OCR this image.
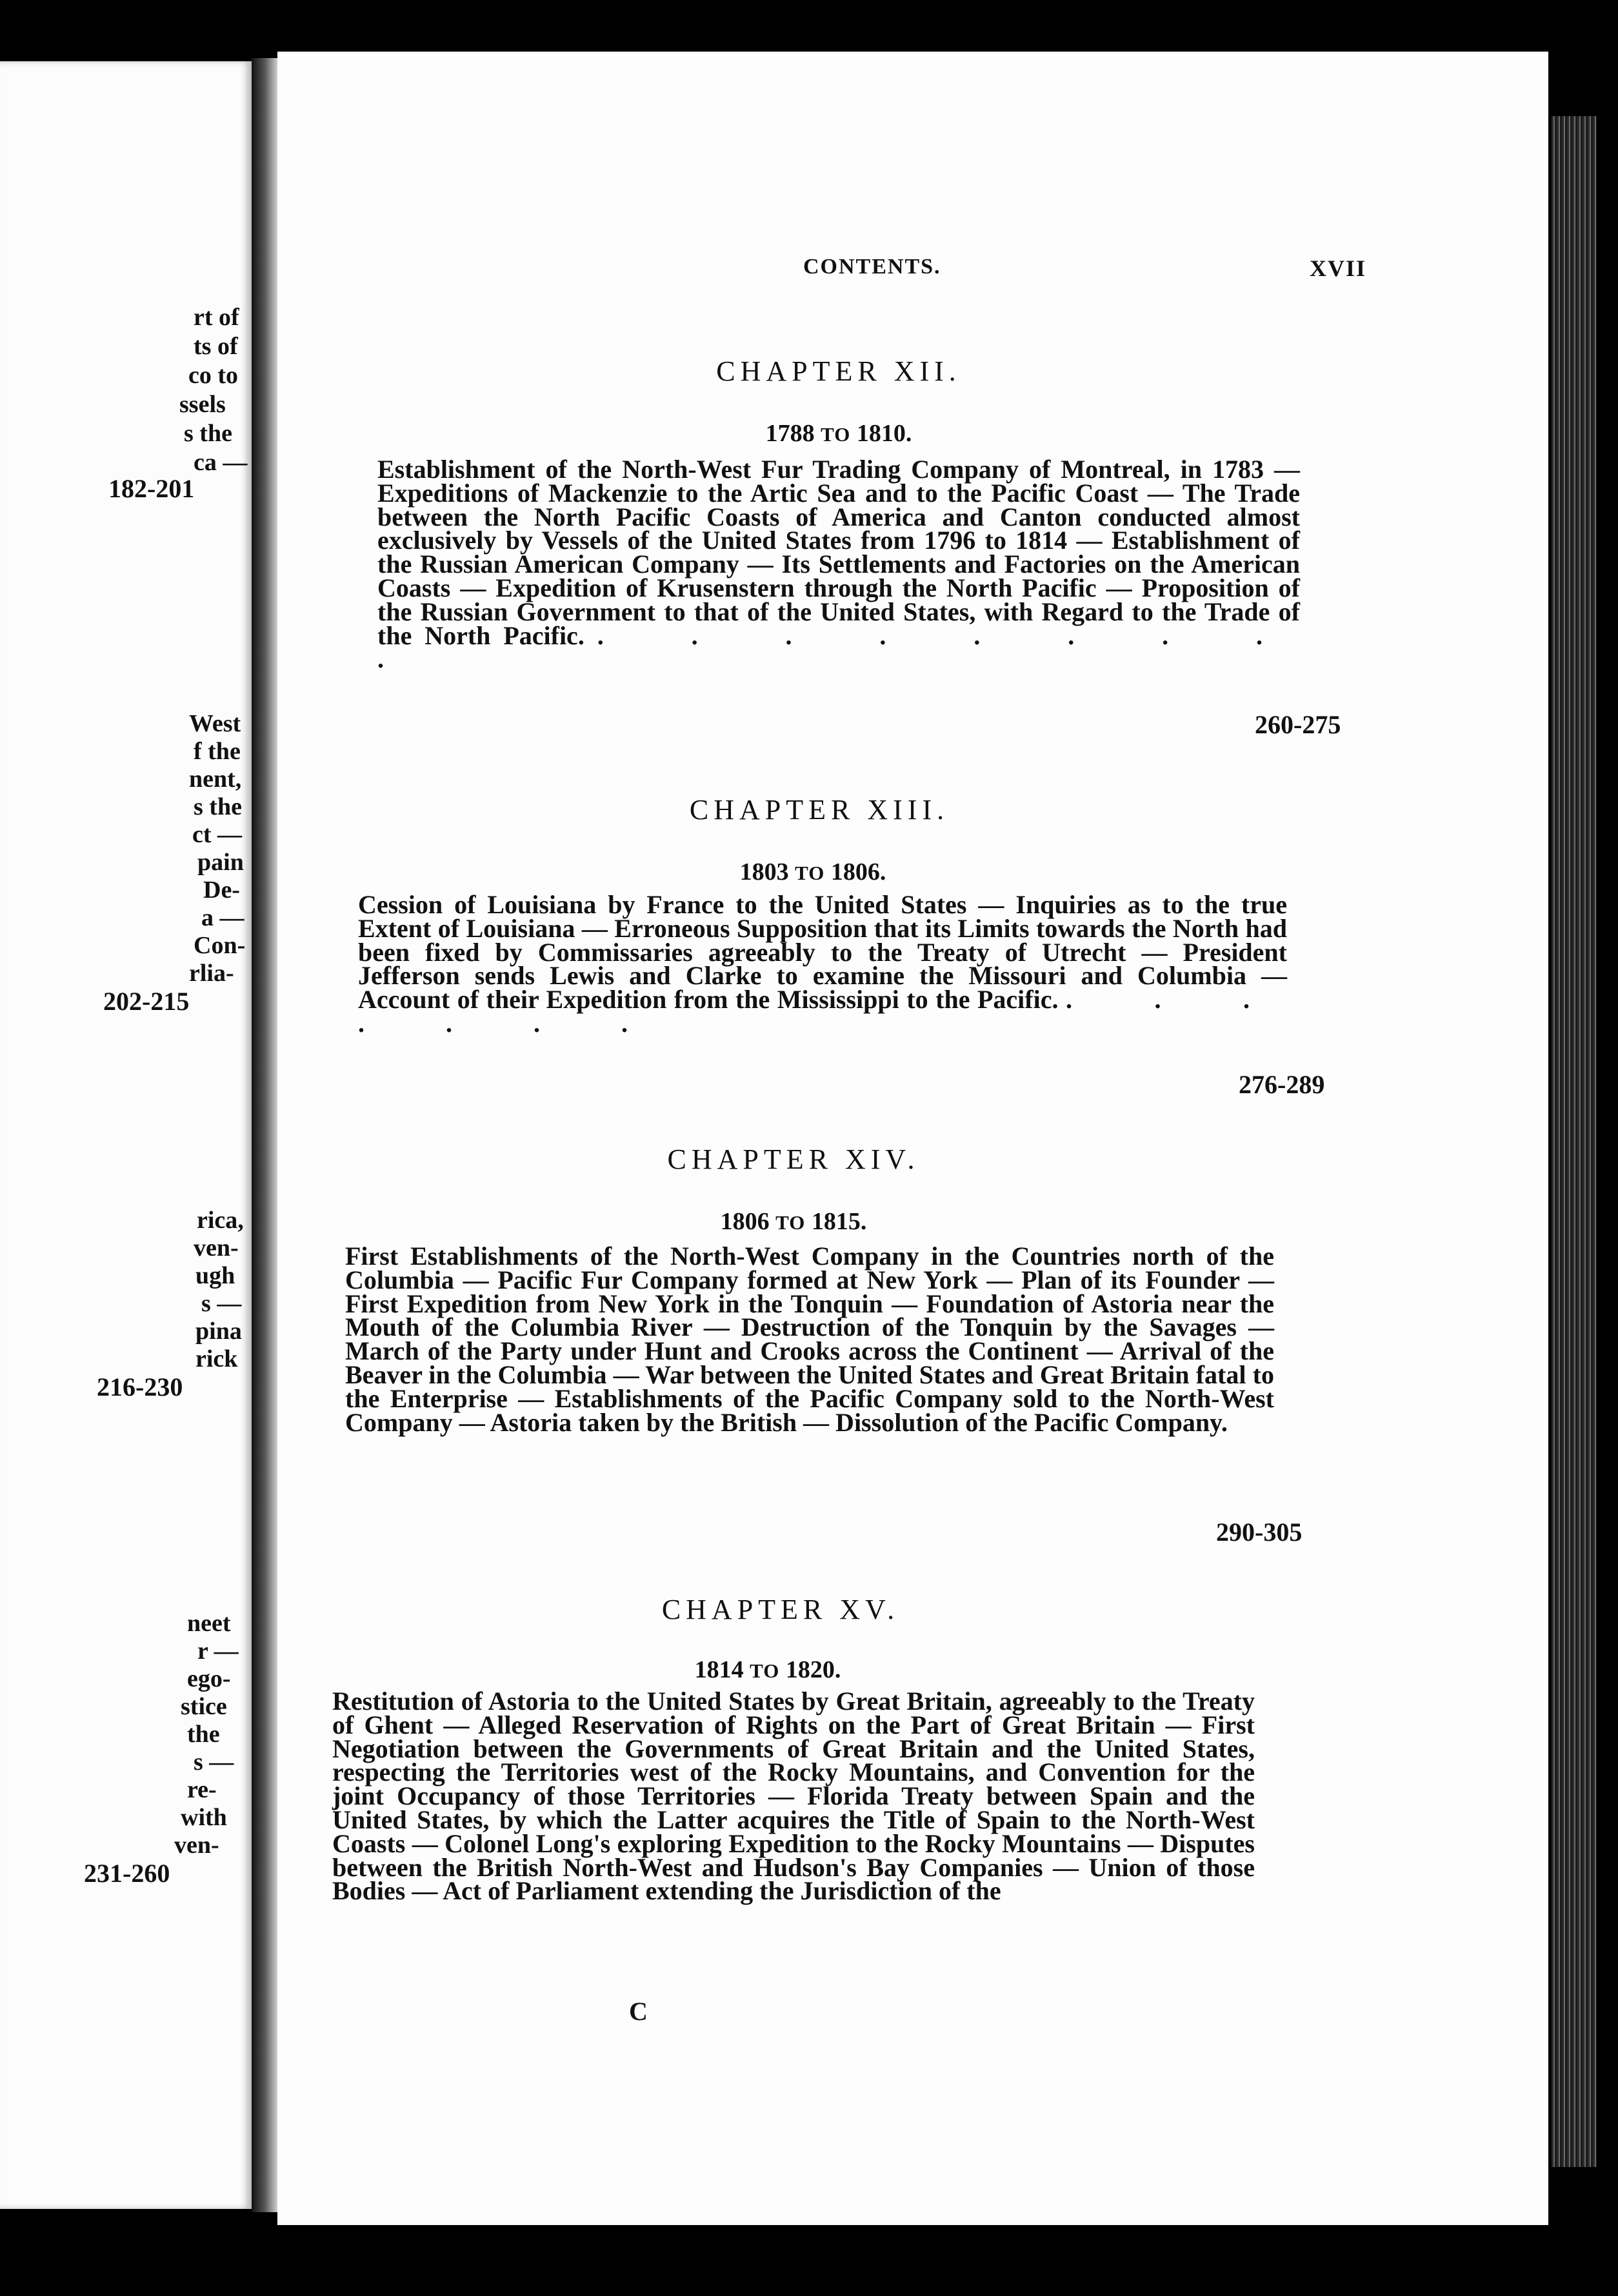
rt of
ts of
co to
ssels
s the
ca —
182-201
West
f the
nent,
s the
ct —
pain
De-
a —
Con-
rlia-
202-215
rica,
ven-
ugh
s —
pina
rick
216-230
neet
r —
ego-
stice
the
s —
re-
with
ven-
231-260
CONTENTS.	XVII
CHAPTER XII.
1788 TO 1810.
Establishment of the North-West Fur Trading Company of Montreal, in 1783 — Expeditions of Mackenzie to the Artic Sea and to the Pacific Coast — The Trade between the North Pacific Coasts of America and Canton conducted almost exclusively by Vessels of the United States from 1796 to 1814 — Establishment of the Russian American Company — Its Settlements and Factories on the American Coasts — Expedition of Krusenstern through the North Pacific — Proposition of the Russian Government to that of the United States, with Regard to the Trade of the North Pacific. . . . . . . . . .
260-275
CHAPTER XIII.
1803 TO 1806.
Cession of Louisiana by France to the United States — Inquiries as to the true Extent of Louisiana — Erroneous Supposition that its Limits towards the North had been fixed by Commissaries agreeably to the Treaty of Utrecht — President Jefferson sends Lewis and Clarke to examine the Missouri and Columbia — Account of their Expedition from the Mississippi to the Pacific. . . . . . . .
276-289
CHAPTER XIV.
1806 TO 1815.
First Establishments of the North-West Company in the Countries north of the Columbia — Pacific Fur Company formed at New York — Plan of its Founder — First Expedition from New York in the Tonquin — Foundation of Astoria near the Mouth of the Columbia River — Destruction of the Tonquin by the Savages — March of the Party under Hunt and Crooks across the Continent — Arrival of the Beaver in the Columbia — War between the United States and Great Britain fatal to the Enterprise — Establishments of the Pacific Company sold to the North-West Company — Astoria taken by the British — Dissolution of the Pacific Company.
290-305
CHAPTER XV.
1814 TO 1820.
Restitution of Astoria to the United States by Great Britain, agreeably to the Treaty of Ghent — Alleged Reservation of Rights on the Part of Great Britain — First Negotiation between the Governments of Great Britain and the United States, respecting the Territories west of the Rocky Mountains, and Convention for the joint Occupancy of those Territories — Florida Treaty between Spain and the United States, by which the Latter acquires the Title of Spain to the North-West Coasts — Colonel Long's exploring Expedition to the Rocky Mountains — Disputes between the British North-West and Hudson's Bay Companies — Union of those Bodies — Act of Parliament extending the Jurisdiction of the
C
